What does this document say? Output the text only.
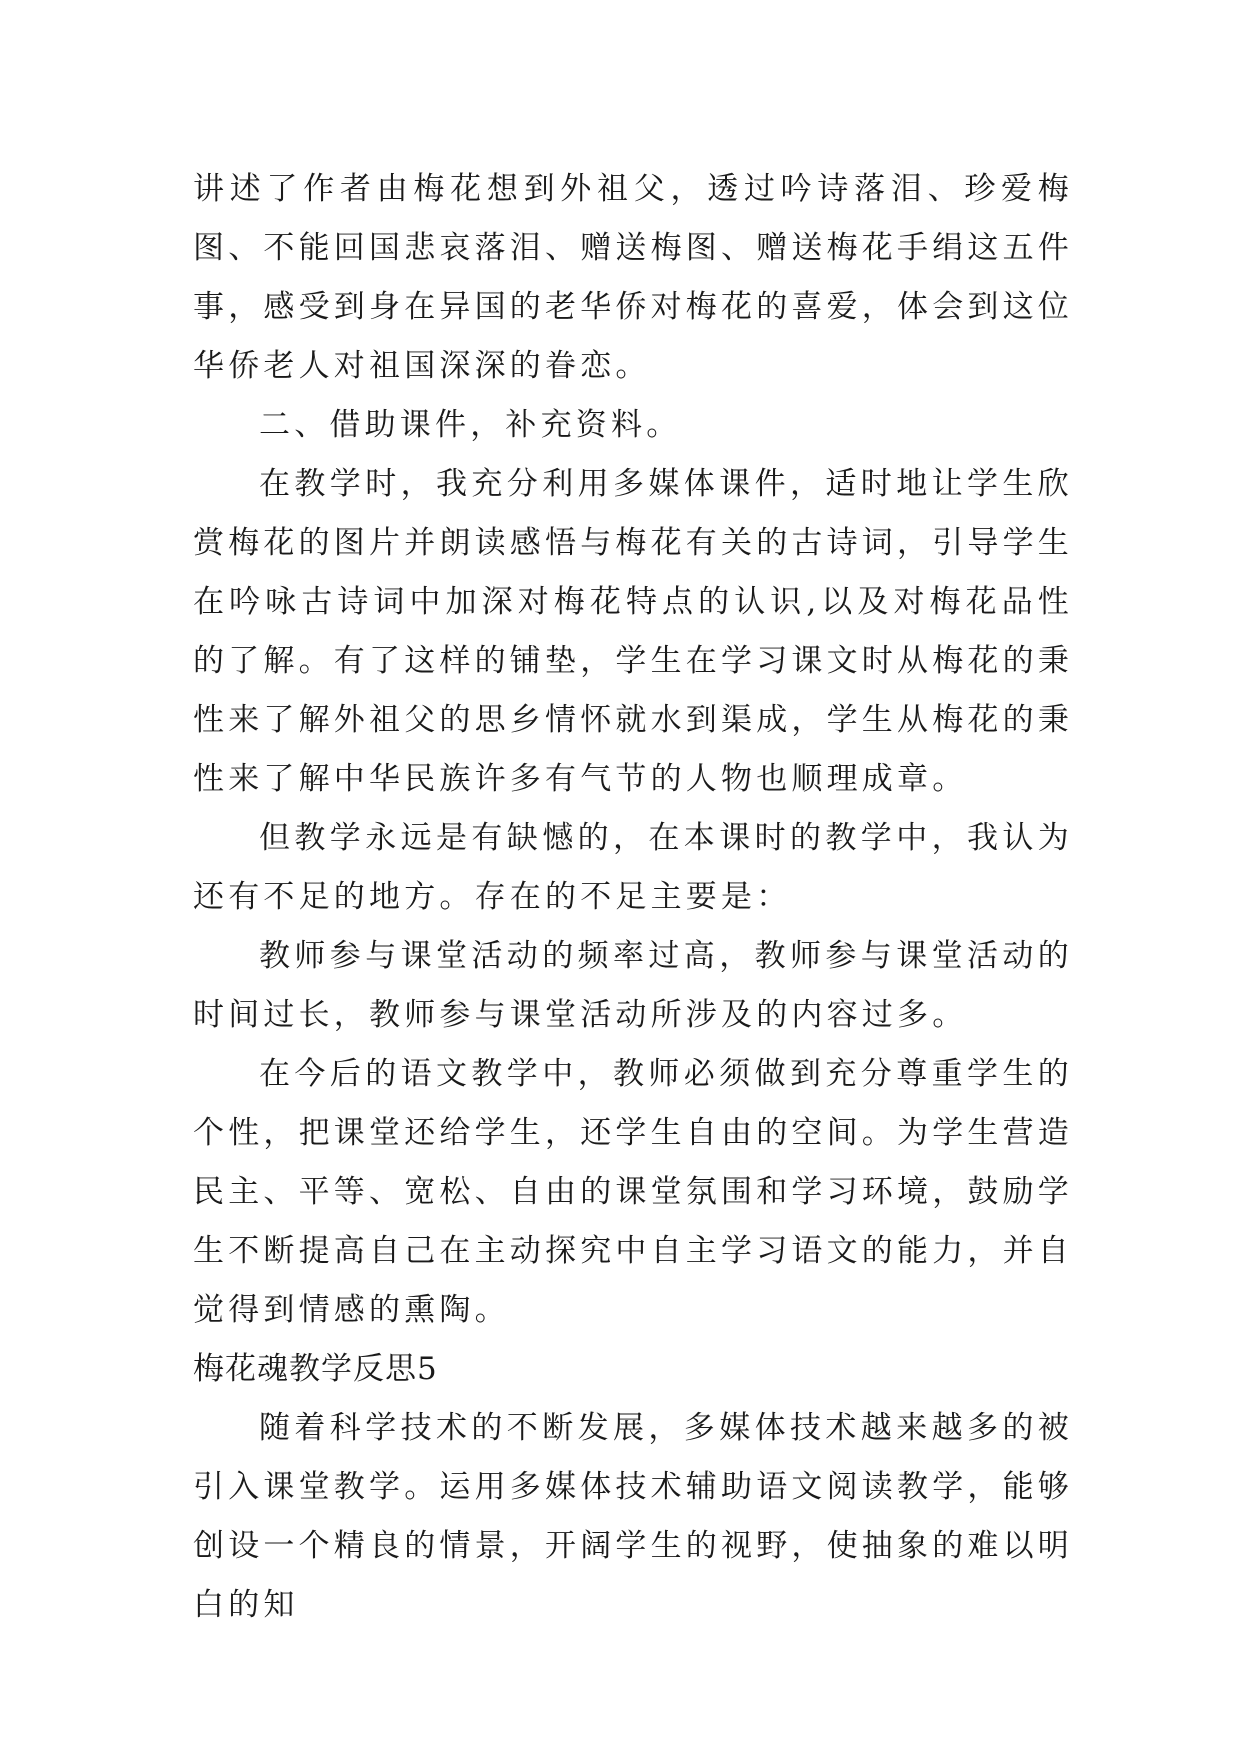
讲述了作者由梅花想到外祖父，透过吟诗落泪、珍爱梅图、不能回国悲哀落泪、赠送梅图、赠送梅花手绢这五件事，感受到身在异国的老华侨对梅花的喜爱，体会到这位华侨老人对祖国深深的眷恋。

二、借助课件，补充资料。

在教学时，我充分利用多媒体课件，适时地让学生欣赏梅花的图片并朗读感悟与梅花有关的古诗词，引导学生在吟咏古诗词中加深对梅花特点的认识,以及对梅花品性的了解。有了这样的铺垫，学生在学习课文时从梅花的秉性来了解外祖父的思乡情怀就水到渠成，学生从梅花的秉性来了解中华民族许多有气节的人物也顺理成章。

但教学永远是有缺憾的，在本课时的教学中，我认为还有不足的地方。存在的不足主要是：

教师参与课堂活动的频率过高，教师参与课堂活动的时间过长，教师参与课堂活动所涉及的内容过多。

在今后的语文教学中，教师必须做到充分尊重学生的个性，把课堂还给学生，还学生自由的空间。为学生营造民主、平等、宽松、自由的课堂氛围和学习环境，鼓励学生不断提高自己在主动探究中自主学习语文的能力，并自觉得到情感的熏陶。

梅花魂教学反思5

随着科学技术的不断发展，多媒体技术越来越多的被引入课堂教学。运用多媒体技术辅助语文阅读教学，能够创设一个精良的情景，开阔学生的视野，使抽象的难以明白的知
